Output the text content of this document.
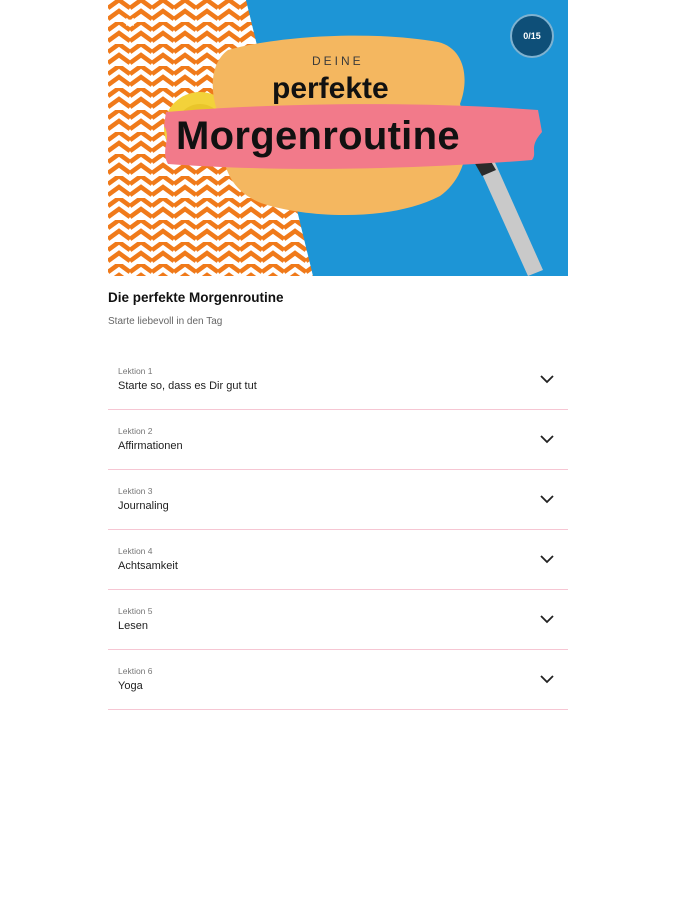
✕
0/15
DEINE
perfekte
Morgenroutine
Die perfekte Morgenroutine
Starte liebevoll in den Tag
Lektion 1
Starte so, dass es Dir gut tut
Lektion 2
Affirmationen
Lektion 3
Journaling
Lektion 4
Achtsamkeit
Lektion 5
Lesen
Lektion 6
Yoga
